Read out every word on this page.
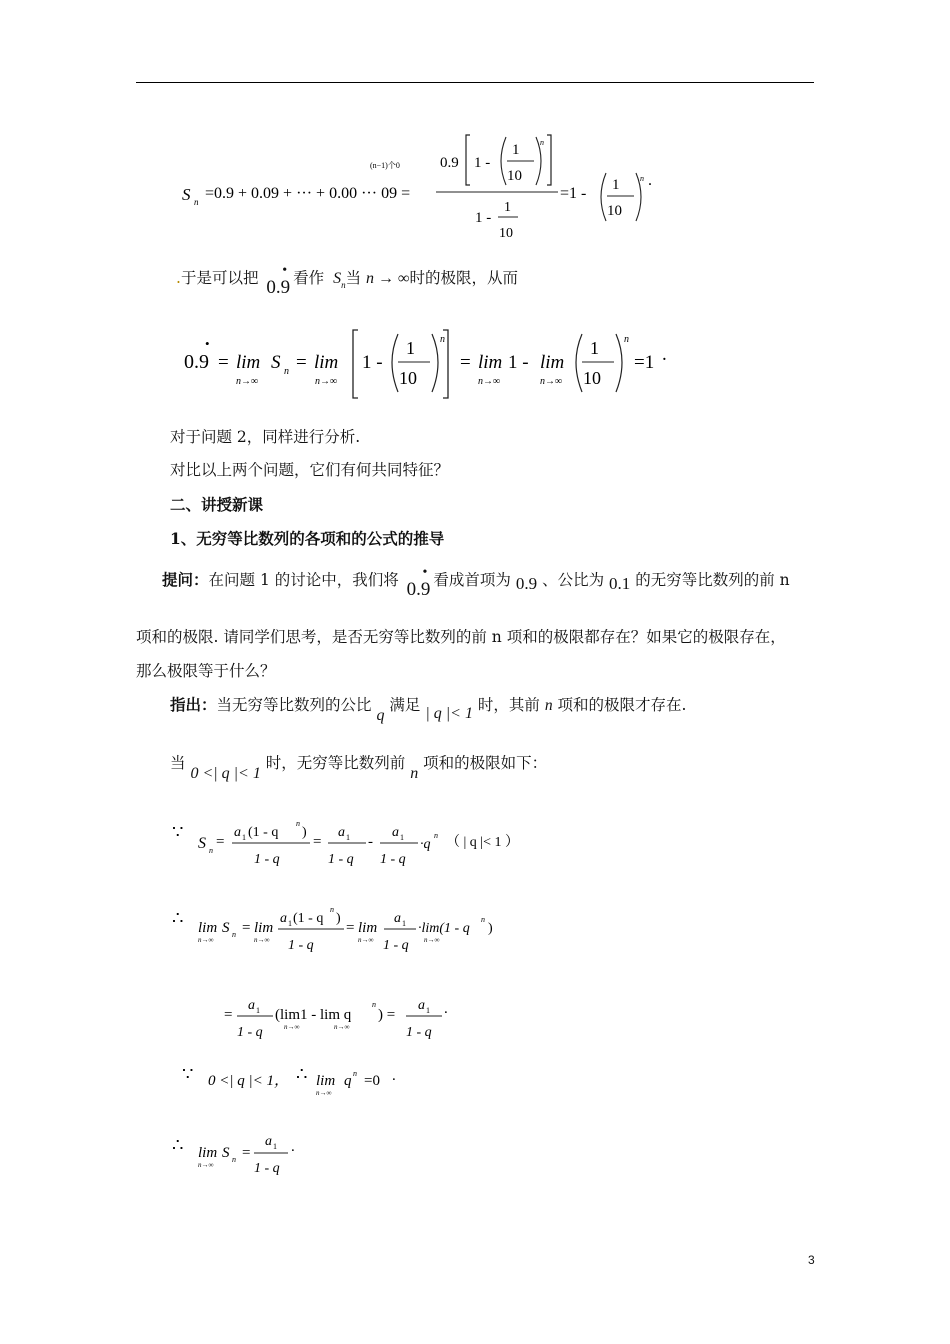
S n =0.9 + 0.09 + ··· + 0.00 ··· 09 =
(n−1)个0	0.9 1 -
1
10
n
1 -
1
10
=1 - 1
10
n .
.于是可以把 0.9
• 看作 $S_n$当 n → ∞时的极限，从而
0.9
•
= lim
n→∞
S n = lim
n→∞
1 -
1
10
n
= lim
n→∞
1 - lim
n→∞
1
10
n
=1 .
对于问题 2，同样进行分析.
对比以上两个问题，它们有何共同特征？
二、讲授新课
1、无穷等比数列的各项和的公式的推导
提问：在问题 1 的讨论中，我们将 0.9
• 看成首项为 0.9 、公比为 0.1 的无穷等比数列的前 n
项和的极限. 请同学们思考，是否无穷等比数列的前 n 项和的极限都存在？如果它的极限存在，
那么极限等于什么？
指出：当无穷等比数列的公比 q 满足 | q |< 1 时，其前 n 项和的极限才存在.
当 0 <| q |< 1 时，无穷等比数列前 n 项和的极限如下：
∵
S n
=
a 1 (1 - q
n
)
1 - q
=
a 1
1 - q
-
a 1
1 - q
·q
n （ | q |< 1 ）
∴ lim
n→∞
S n = lim
n→∞
a 1 (1 - q
n
)
1 - q
= lim
n→∞
a 1
1 - q
·lim(1 - q
n→∞
n
)
=
a 1
1 - q
(lim1 - lim q
n→∞	n→∞
n
) =
a 1
1 - q
.
∵ 0 <| q |< 1， ∴ lim
n→∞
q n =0 .
∴ lim
n→∞
S n =
a 1
1 - q
.
3
